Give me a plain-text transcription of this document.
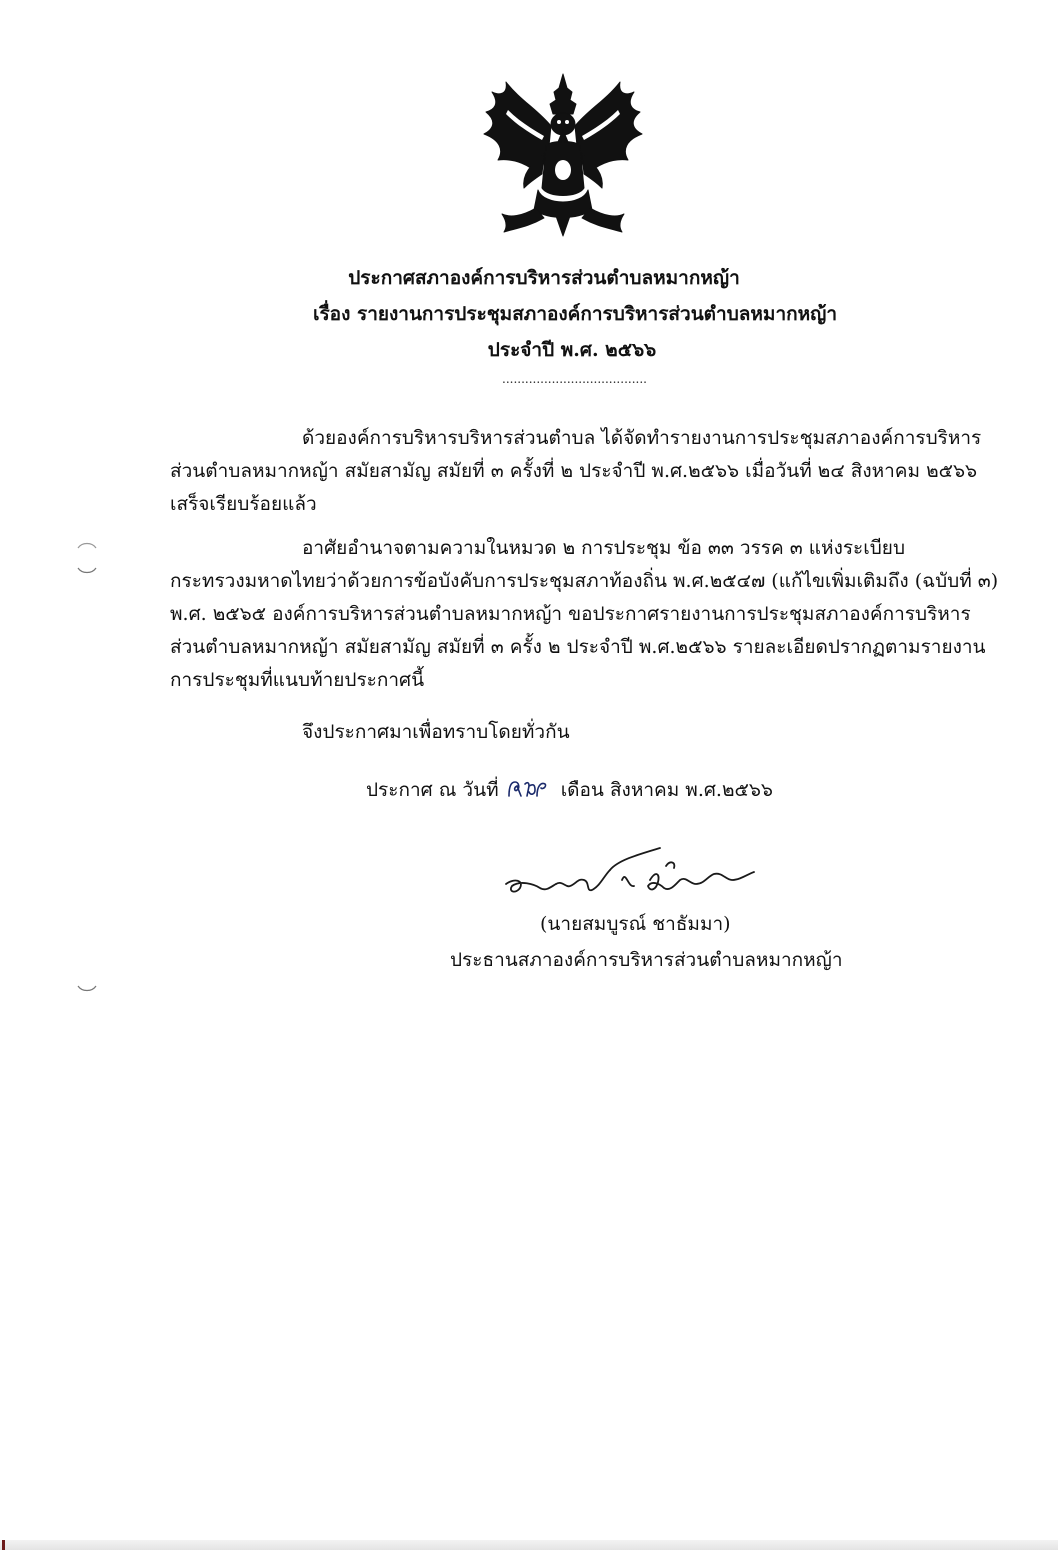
ประกาศสภาองค์การบริหารส่วนตำบลหมากหญ้า
เรื่อง รายงานการประชุมสภาองค์การบริหารส่วนตำบลหมากหญ้า
ประจำปี พ.ศ. ๒๕๖๖
......................................
ด้วยองค์การบริหารบริหารส่วนตำบล ได้จัดทำรายงานการประชุมสภาองค์การบริหาร
ส่วนตำบลหมากหญ้า สมัยสามัญ สมัยที่ ๓ ครั้งที่ ๒ ประจำปี พ.ศ.๒๕๖๖ เมื่อวันที่ ๒๔ สิงหาคม ๒๕๖๖
เสร็จเรียบร้อยแล้ว
อาศัยอำนาจตามความในหมวด ๒ การประชุม ข้อ ๓๓ วรรค ๓ แห่งระเบียบ
กระทรวงมหาดไทยว่าด้วยการข้อบังคับการประชุมสภาท้องถิ่น พ.ศ.๒๕๔๗ (แก้ไขเพิ่มเติมถึง (ฉบับที่ ๓)
พ.ศ. ๒๕๖๕ องค์การบริหารส่วนตำบลหมากหญ้า ขอประกาศรายงานการประชุมสภาองค์การบริหาร
ส่วนตำบลหมากหญ้า สมัยสามัญ สมัยที่ ๓ ครั้ง ๒ ประจำปี พ.ศ.๒๕๖๖ รายละเอียดปรากฏตามรายงาน
การประชุมที่แนบท้ายประกาศนี้
จึงประกาศมาเพื่อทราบโดยทั่วกัน
ประกาศ ณ วันที่	เดือน สิงหาคม พ.ศ.๒๕๖๖
(นายสมบูรณ์ ชาธัมมา)
ประธานสภาองค์การบริหารส่วนตำบลหมากหญ้า
